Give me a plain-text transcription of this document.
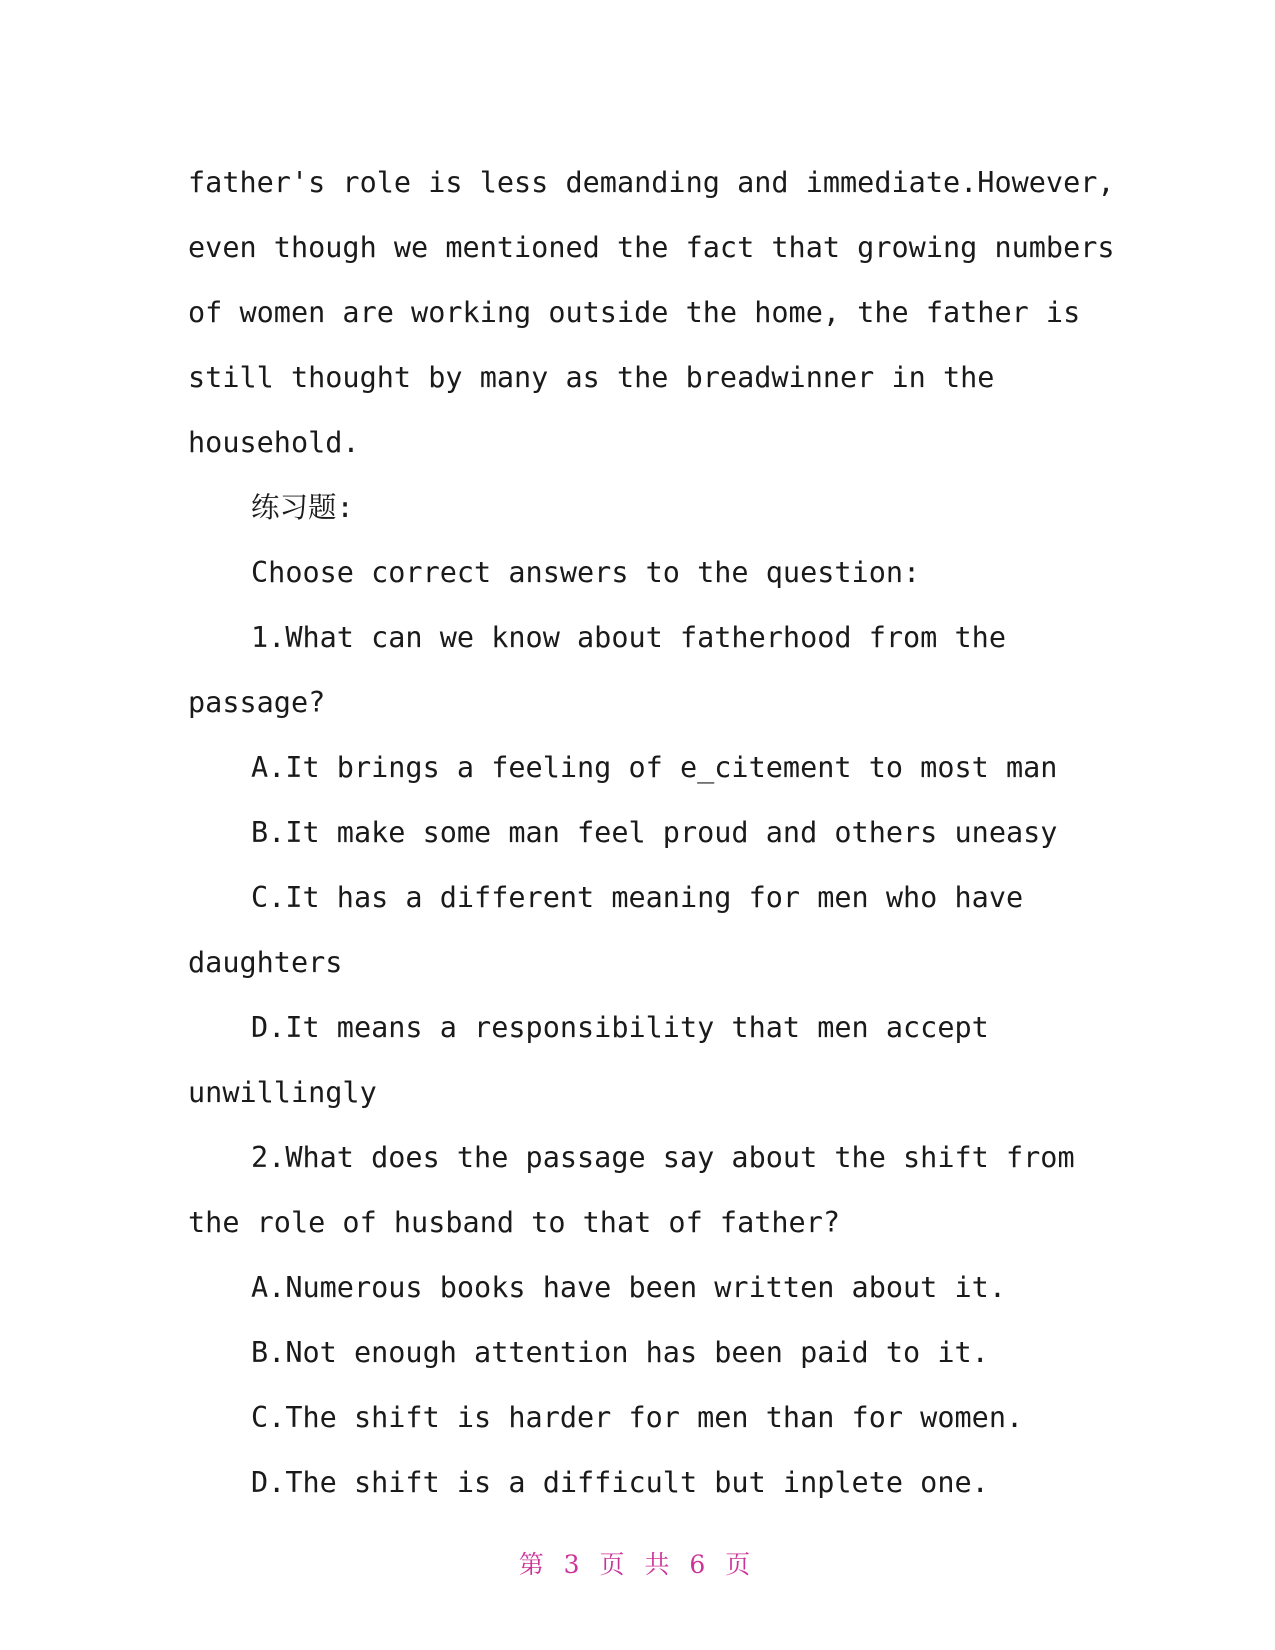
father's role is less demanding and immediate.However,
even though we mentioned the fact that growing numbers
of women are working outside the home, the father is
still thought by many as the breadwinner in the
household.
练习题:
Choose correct answers to the question:
1.What can we know about fatherhood from the
passage?
A.It brings a feeling of e_citement to most man
B.It make some man feel proud and others uneasy
C.It has a different meaning for men who have
daughters
D.It means a responsibility that men accept
unwillingly
2.What does the passage say about the shift from
the role of husband to that of father?
A.Numerous books have been written about it.
B.Not enough attention has been paid to it.
C.The shift is harder for men than for women.
D.The shift is a difficult but inplete one.
第 3 页 共 6 页
